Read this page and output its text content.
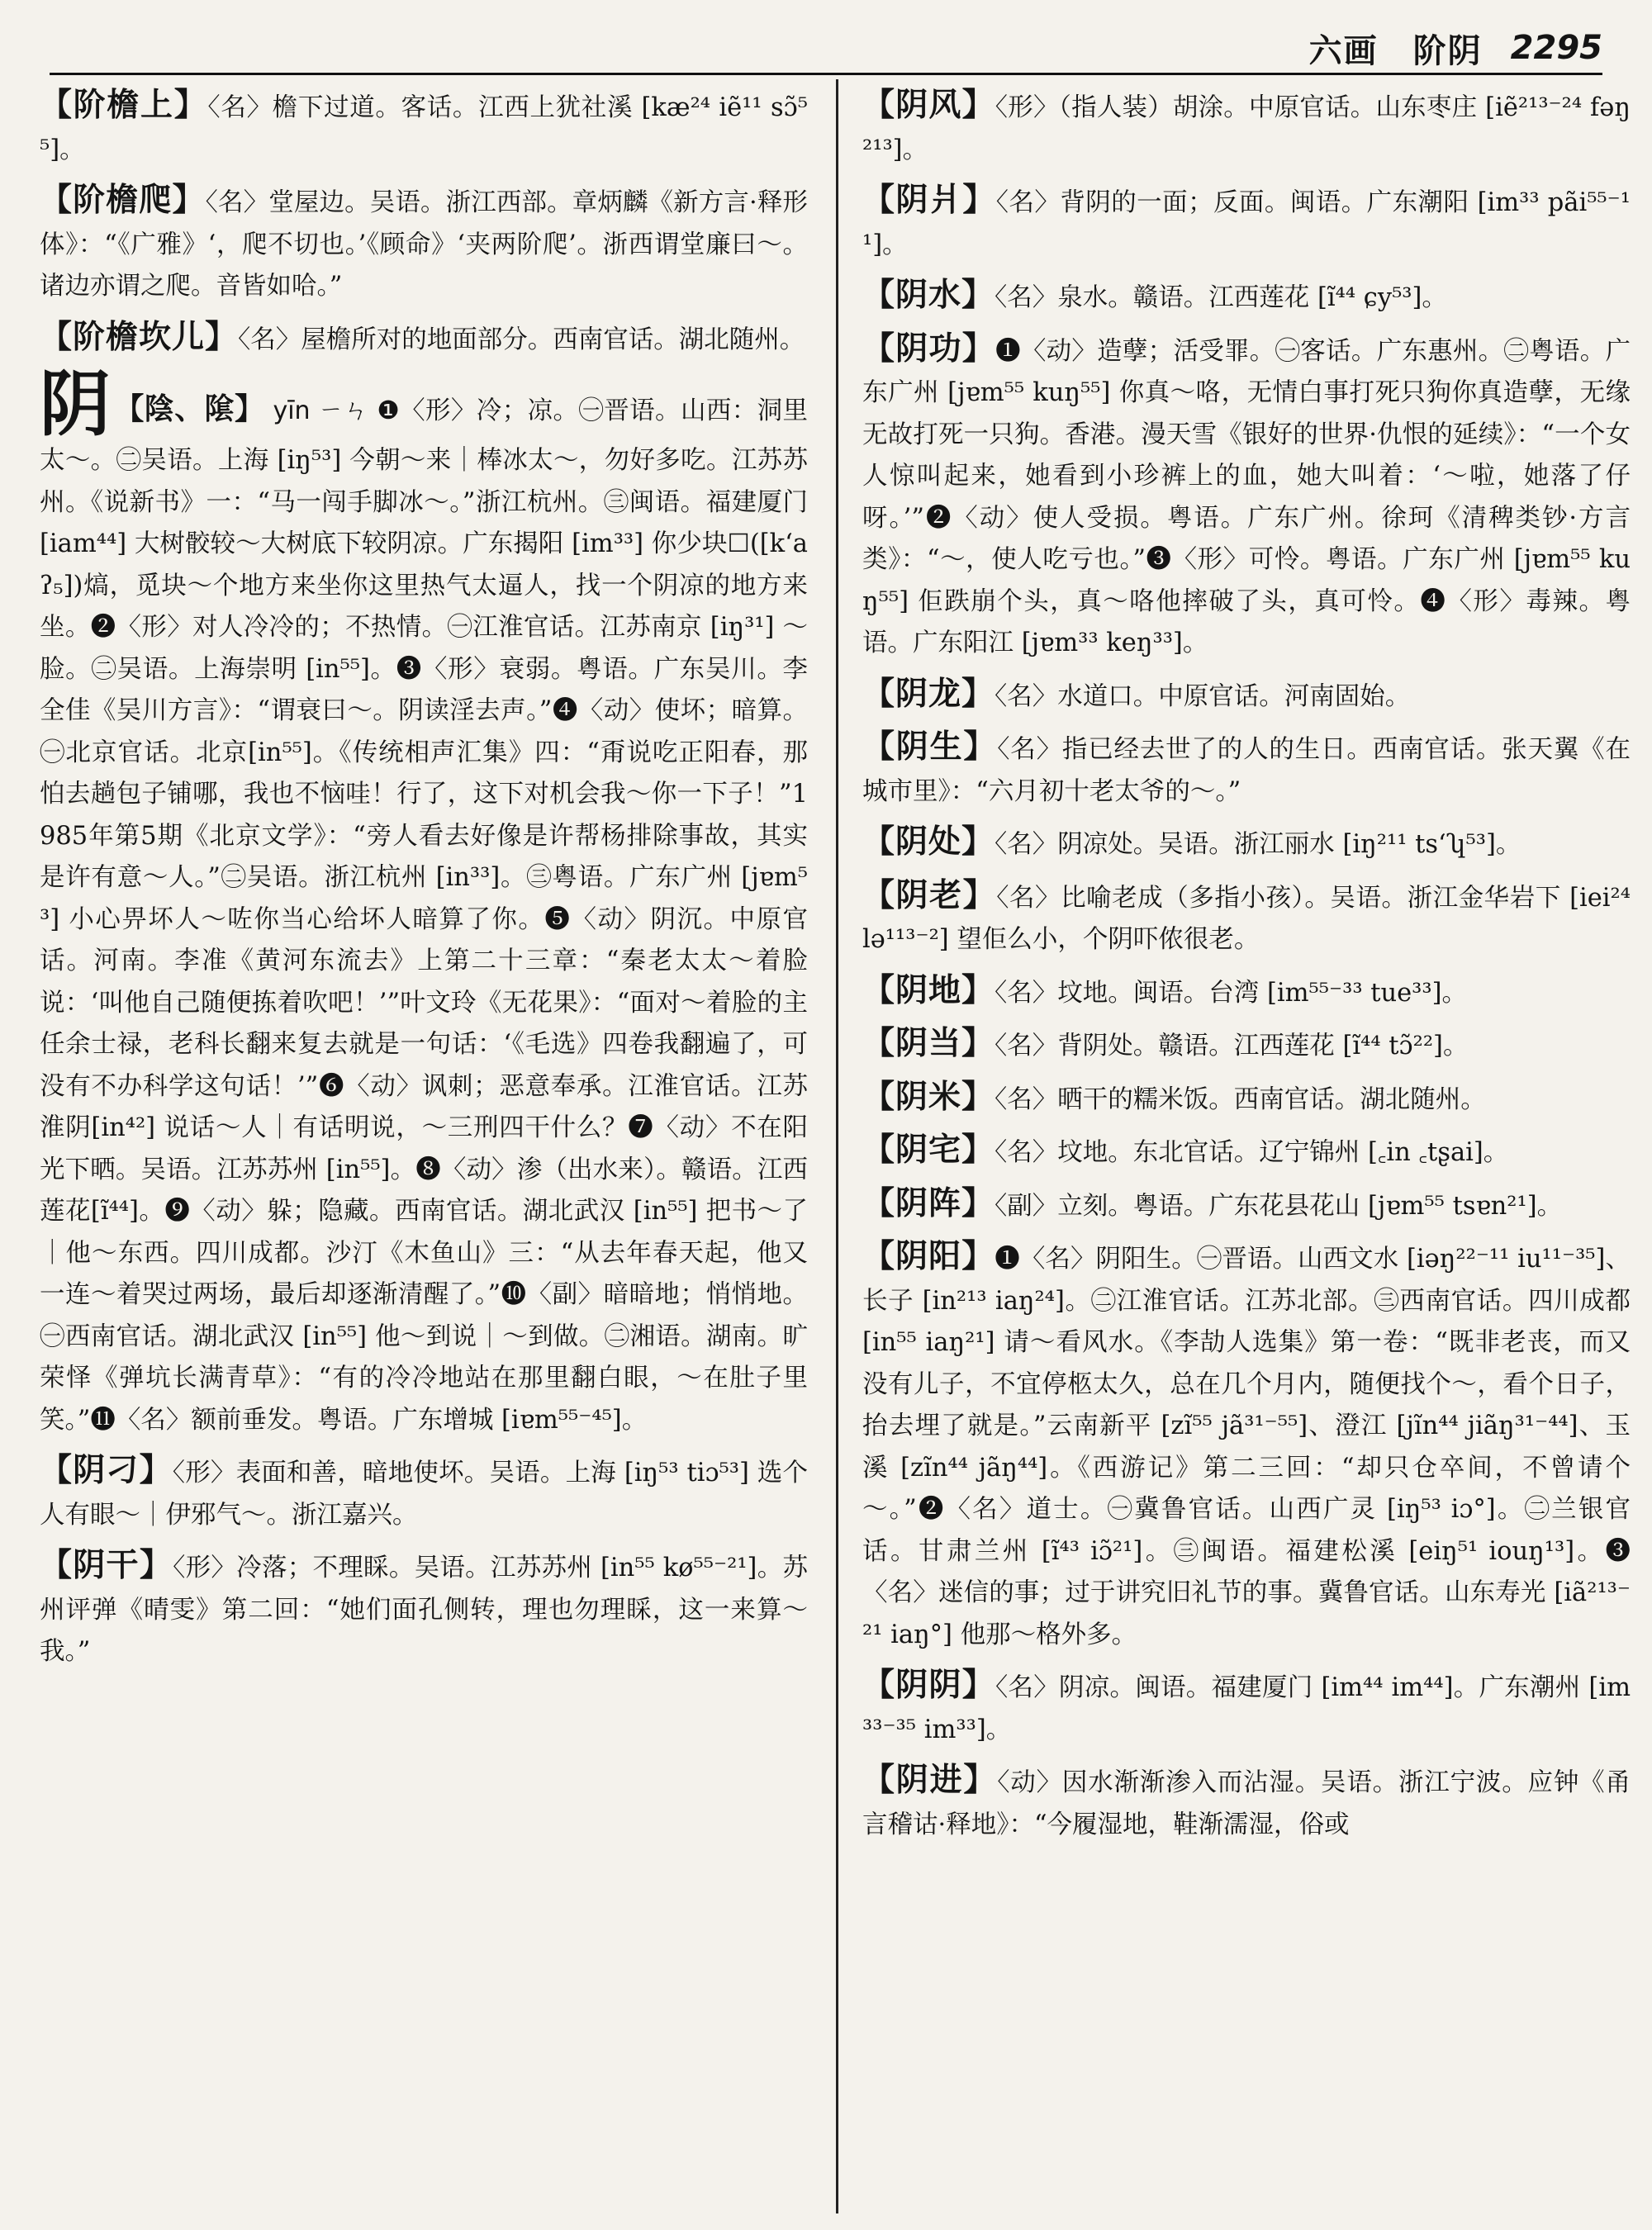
六画　阶阴 2295
【阶檐上】〈名〉檐下过道。客话。江西上犹社溪 [kæ²⁴ iẽ¹¹ sɔ̃⁵⁵]。
【阶檐爬】〈名〉堂屋边。吴语。浙江西部。章炳麟《新方言·释形体》：“《广雅》‘，爬不切也。’《顾命》‘夹两阶爬’。浙西谓堂廉曰～。诸边亦谓之爬。音皆如哈。”
【阶檐坎儿】〈名〉屋檐所对的地面部分。西南官话。湖北随州。
阴 【陰、隂】 yīn ㄧㄣ ❶〈形〉冷；凉。㊀晋语。山西：洞里太～。㊁吴语。上海 [iŋ⁵³] 今朝～来｜棒冰太～，勿好多吃。江苏苏州。《说新书》一：“马一闯手脚冰～。”浙江杭州。㊂闽语。福建厦门 [iam⁴⁴] 大树骹较～大树底下较阴凉。广东揭阳 [im³³] 你少块☐([kʻaʔ₅])熇，觅块～个地方来坐你这里热气太逼人，找一个阴凉的地方来坐。❷〈形〉对人冷冷的；不热情。㊀江淮官话。江苏南京 [iŋ³¹] ～脸。㊁吴语。上海崇明 [in⁵⁵]。❸〈形〉衰弱。粤语。广东吴川。李全佳《吴川方言》：“谓衰曰～。阴读淫去声。”❹〈动〉使坏；暗算。㊀北京官话。北京[in⁵⁵]。《传统相声汇集》四：“甭说吃正阳春，那怕去趟包子铺哪，我也不恼哇！行了，这下对机会我～你一下子！”1985年第5期《北京文学》：“旁人看去好像是许帮杨排除事故，其实是许有意～人。”㊁吴语。浙江杭州 [in³³]。㊂粤语。广东广州 [jɐm⁵³] 小心畀坏人～咗你当心给坏人暗算了你。❺〈动〉阴沉。中原官话。河南。李准《黄河东流去》上第二十三章：“秦老太太～着脸说：‘叫他自己随便拣着吹吧！’”叶文玲《无花果》：“面对～着脸的主任余士禄，老科长翻来复去就是一句话：‘《毛选》四卷我翻遍了，可没有不办科学这句话！’”❻〈动〉讽刺；恶意奉承。江淮官话。江苏淮阴[in⁴²] 说话～人｜有话明说，～三刑四干什么？❼〈动〉不在阳光下晒。吴语。江苏苏州 [in⁵⁵]。❽〈动〉渗（出水来）。赣语。江西莲花[ĩ⁴⁴]。❾〈动〉躲；隐藏。西南官话。湖北武汉 [in⁵⁵] 把书～了｜他～东西。四川成都。沙汀《木鱼山》三：“从去年春天起，他又一连～着哭过两场，最后却逐渐清醒了。”❿〈副〉暗暗地；悄悄地。㊀西南官话。湖北武汉 [in⁵⁵] 他～到说｜～到做。㊁湘语。湖南。旷荣怿《弹坑长满青草》：“有的冷冷地站在那里翻白眼，～在肚子里笑。”⓫〈名〉额前垂发。粤语。广东增城 [iɐm⁵⁵⁻⁴⁵]。
【阴刁】〈形〉表面和善，暗地使坏。吴语。上海 [iŋ⁵³ tiɔ⁵³] 选个人有眼～｜伊邪气～。浙江嘉兴。
【阴干】〈形〉冷落；不理睬。吴语。江苏苏州 [in⁵⁵ kø⁵⁵⁻²¹]。苏州评弹《晴雯》第二回：“她们面孔侧转，理也勿理睬，这一来算～我。”
【阴风】〈形〉（指人装）胡涂。中原官话。山东枣庄 [iẽ²¹³⁻²⁴ fəŋ²¹³]。
【阴爿】〈名〉背阴的一面；反面。闽语。广东潮阳 [im³³ pãi⁵⁵⁻¹¹]。
【阴水】〈名〉泉水。赣语。江西莲花 [ĩ⁴⁴ ɕy⁵³]。
【阴功】❶〈动〉造孽；活受罪。㊀客话。广东惠州。㊁粤语。广东广州 [jɐm⁵⁵ kuŋ⁵⁵] 你真～咯，无情白事打死只狗你真造孽，无缘无故打死一只狗。香港。漫天雪《银好的世界·仇恨的延续》：“一个女人惊叫起来，她看到小珍裤上的血，她大叫着：‘～啦，她落了仔呀。’”❷〈动〉使人受损。粤语。广东广州。徐珂《清稗类钞·方言类》：“～，使人吃亏也。”❸〈形〉可怜。粤语。广东广州 [jɐm⁵⁵ kuŋ⁵⁵] 佢跌崩个头，真～咯他摔破了头，真可怜。❹〈形〉毒辣。粤语。广东阳江 [jɐm³³ keŋ³³]。
【阴龙】〈名〉水道口。中原官话。河南固始。
【阴生】〈名〉指已经去世了的人的生日。西南官话。张天翼《在城市里》：“六月初十老太爷的～。”
【阴处】〈名〉阴凉处。吴语。浙江丽水 [iŋ²¹¹ tsʻʮ⁵³]。
【阴老】〈名〉比喻老成（多指小孩）。吴语。浙江金华岩下 [iei²⁴ lə¹¹³⁻²] 望佢么小，个阴吓侬很老。
【阴地】〈名〉坟地。闽语。台湾 [im⁵⁵⁻³³ tue³³]。
【阴当】〈名〉背阴处。赣语。江西莲花 [ĩ⁴⁴ tɔ̃²²]。
【阴米】〈名〉晒干的糯米饭。西南官话。湖北随州。
【阴宅】〈名〉坟地。东北官话。辽宁锦州 [꜀in ꜀tʂai]。
【阴阵】〈副〉立刻。粤语。广东花县花山 [jɐm⁵⁵ tsɐn²¹]。
【阴阳】❶〈名〉阴阳生。㊀晋语。山西文水 [iəŋ²²⁻¹¹ iu¹¹⁻³⁵]、长子 [in²¹³ iaŋ²⁴]。㊁江淮官话。江苏北部。㊂西南官话。四川成都 [in⁵⁵ iaŋ²¹] 请～看风水。《李劼人选集》第一卷：“既非老丧，而又没有儿子，不宜停柩太久，总在几个月内，随便找个～，看个日子，抬去埋了就是。”云南新平 [zĩ⁵⁵ jã³¹⁻⁵⁵]、澄江 [jĩn⁴⁴ jiãŋ³¹⁻⁴⁴]、玉溪 [zĩn⁴⁴ jãŋ⁴⁴]。《西游记》第二三回：“却只仓卒间，不曾请个～。”❷〈名〉道士。㊀冀鲁官话。山西广灵 [iŋ⁵³ iɔ°]。㊁兰银官话。甘肃兰州 [ĩ⁴³ iɔ̃²¹]。㊂闽语。福建松溪 [eiŋ⁵¹ iouŋ¹³]。❸〈名〉迷信的事；过于讲究旧礼节的事。冀鲁官话。山东寿光 [iã²¹³⁻²¹ iaŋ°] 他那～格外多。
【阴阴】〈名〉阴凉。闽语。福建厦门 [im⁴⁴ im⁴⁴]。广东潮州 [im³³⁻³⁵ im³³]。
【阴进】〈动〉因水渐渐渗入而沾湿。吴语。浙江宁波。应钟《甬言稽诂·释地》：“今履湿地，鞋渐濡湿，俗或
